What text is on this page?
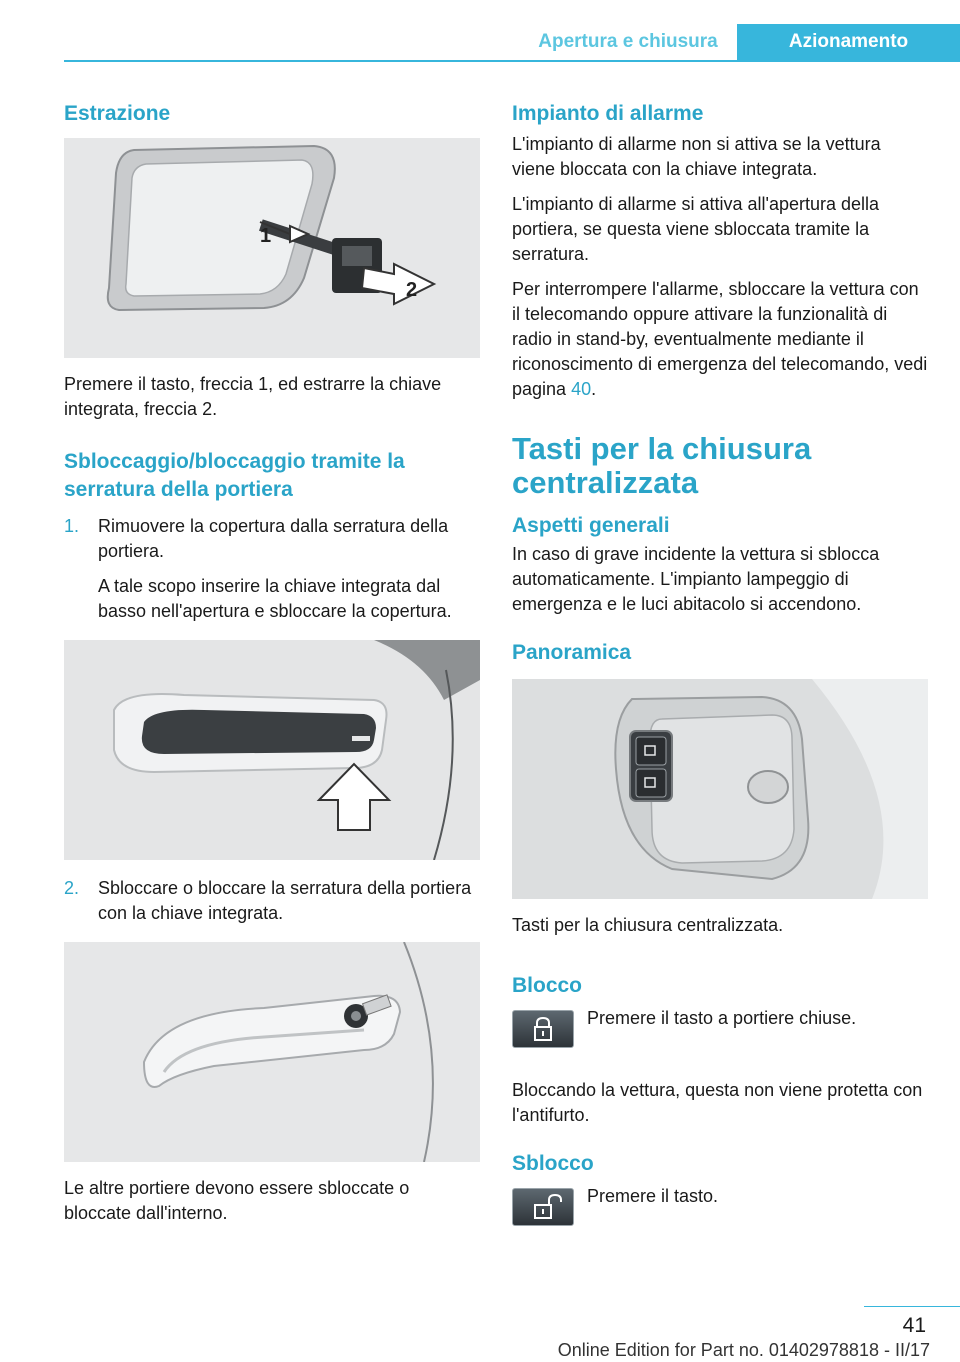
Apertura e chiusura	Azionamento
Estrazione
1
2

Premere il tasto, freccia 1, ed estrarre la chiave integrata, freccia 2.

Sbloccaggio/bloccaggio tramite la serratura della portiera
1. Rimuovere la copertura dalla serratura della portiera.

A tale scopo inserire la chiave integrata dal basso nell'apertura e sbloccare la copertura.

2. Sbloccare o bloccare la serratura della portiera con la chiave integrata.

Le altre portiere devono essere sbloccate o bloccate dall'interno.

Impianto di allarme

L'impianto di allarme non si attiva se la vettura viene bloccata con la chiave integrata.

L'impianto di allarme si attiva all'apertura della portiera, se questa viene sbloccata tramite la serratura.

Per interrompere l'allarme, sbloccare la vettura con il telecomando oppure attivare la funzionalità di radio in stand-by, eventualmente mediante il riconoscimento di emergenza del telecomando, vedi pagina 40.

Tasti per la chiusura centralizzata
Aspetti generali

In caso di grave incidente la vettura si sblocca automaticamente. L'impianto lampeggio di emergenza e le luci abitacolo si accendono.

Panoramica

Tasti per la chiusura centralizzata.

Blocco

Premere il tasto a portiere chiuse.

Bloccando la vettura, questa non viene protetta con l'antifurto.

Sblocco

Premere il tasto.

41
Online Edition for Part no. 01402978818 - II/17
